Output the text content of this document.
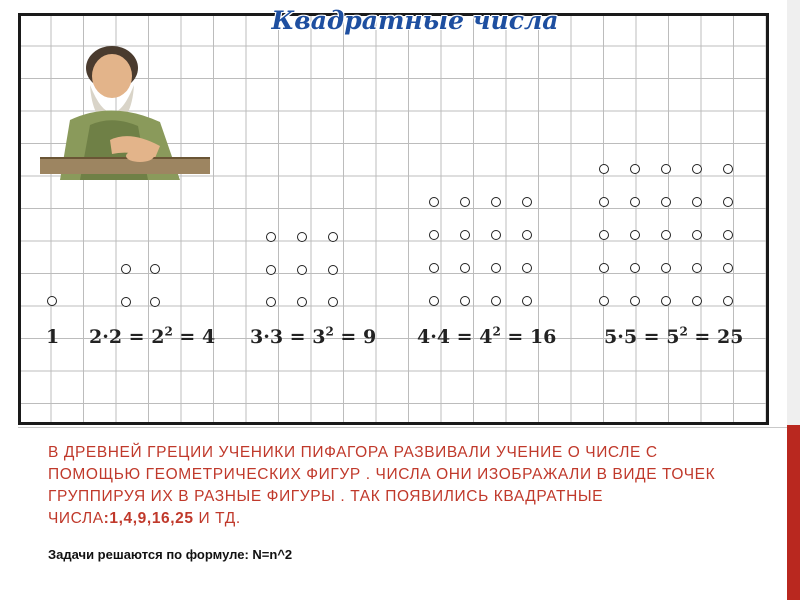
Квадратные числа
1 $2\cdot 2 = 2^2 = 4$ $3\cdot 3 = 3^2 = 9$ $4\cdot 4 = 4^2 = 16$	$5\cdot 5 = 5^2 = 25$
В ДРЕВНЕЙ ГРЕЦИИ УЧЕНИКИ ПИФАГОРА РАЗВИВАЛИ УЧЕНИЕ О ЧИСЛЕ С ПОМОЩЬЮ ГЕОМЕТРИЧЕСКИХ ФИГУР . ЧИСЛА ОНИ ИЗОБРАЖАЛИ В ВИДЕ ТОЧЕК ГРУППИРУЯ ИХ В РАЗНЫЕ ФИГУРЫ . ТАК ПОЯВИЛИСЬ КВАДРАТНЫЕ ЧИСЛА:1,4,9,16,25 И ТД.
Задачи решаются по формуле: N=n^2
